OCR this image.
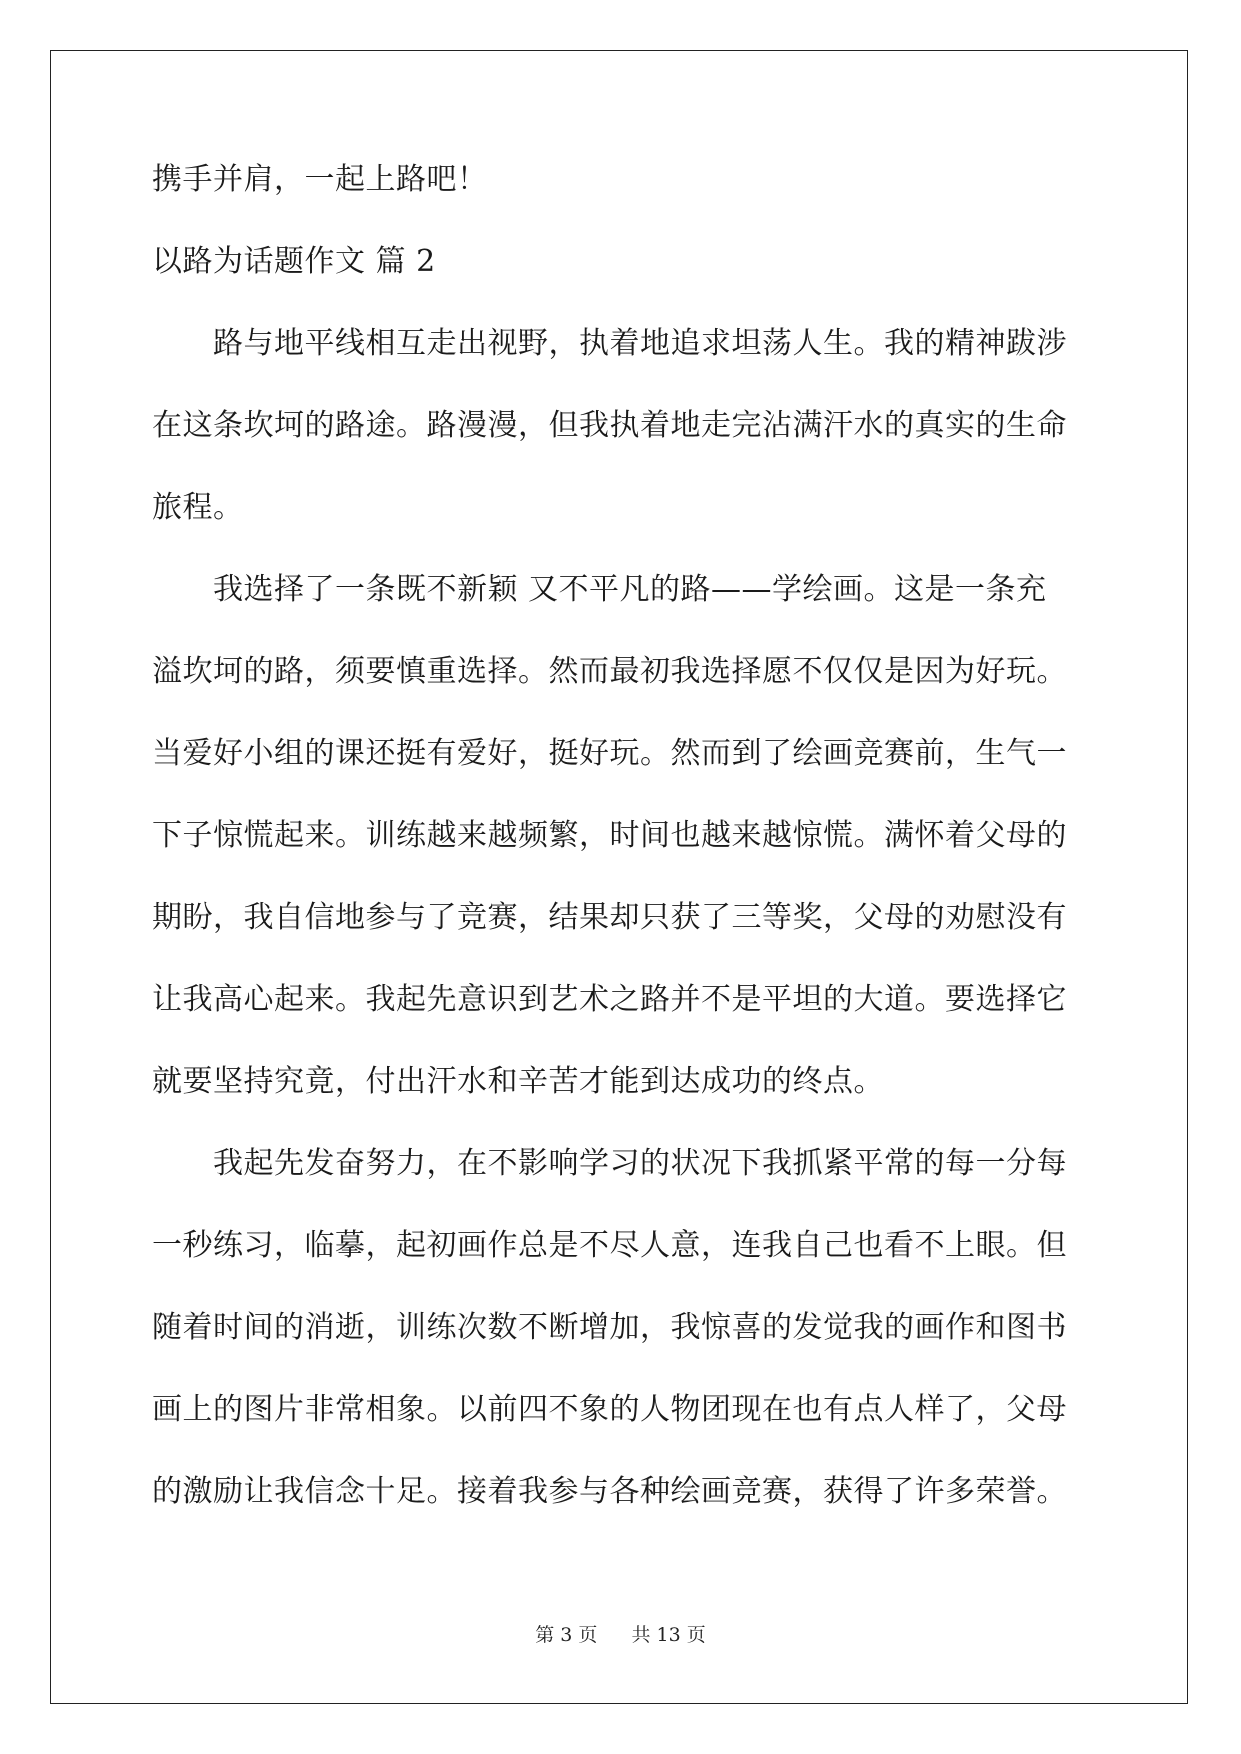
携手并肩，一起上路吧！
以路为话题作文 篇 2
　　路与地平线相互走出视野，执着地追求坦荡人生。我的精神跋涉
在这条坎坷的路途。路漫漫，但我执着地走完沾满汗水的真实的生命
旅程。
　　我选择了一条既不新颖 又不平凡的路——学绘画。这是一条充
溢坎坷的路，须要慎重选择。然而最初我选择愿不仅仅是因为好玩。
当爱好小组的课还挺有爱好，挺好玩。然而到了绘画竞赛前，生气一
下子惊慌起来。训练越来越频繁，时间也越来越惊慌。满怀着父母的
期盼，我自信地参与了竞赛，结果却只获了三等奖，父母的劝慰没有
让我高心起来。我起先意识到艺术之路并不是平坦的大道。要选择它
就要坚持究竟，付出汗水和辛苦才能到达成功的终点。
　　我起先发奋努力，在不影响学习的状况下我抓紧平常的每一分每
一秒练习，临摹，起初画作总是不尽人意，连我自己也看不上眼。但
随着时间的消逝，训练次数不断增加，我惊喜的发觉我的画作和图书
画上的图片非常相象。以前四不象的人物团现在也有点人样了，父母
的激励让我信念十足。接着我参与各种绘画竞赛，获得了许多荣誉。
第 3 页 共 13 页
